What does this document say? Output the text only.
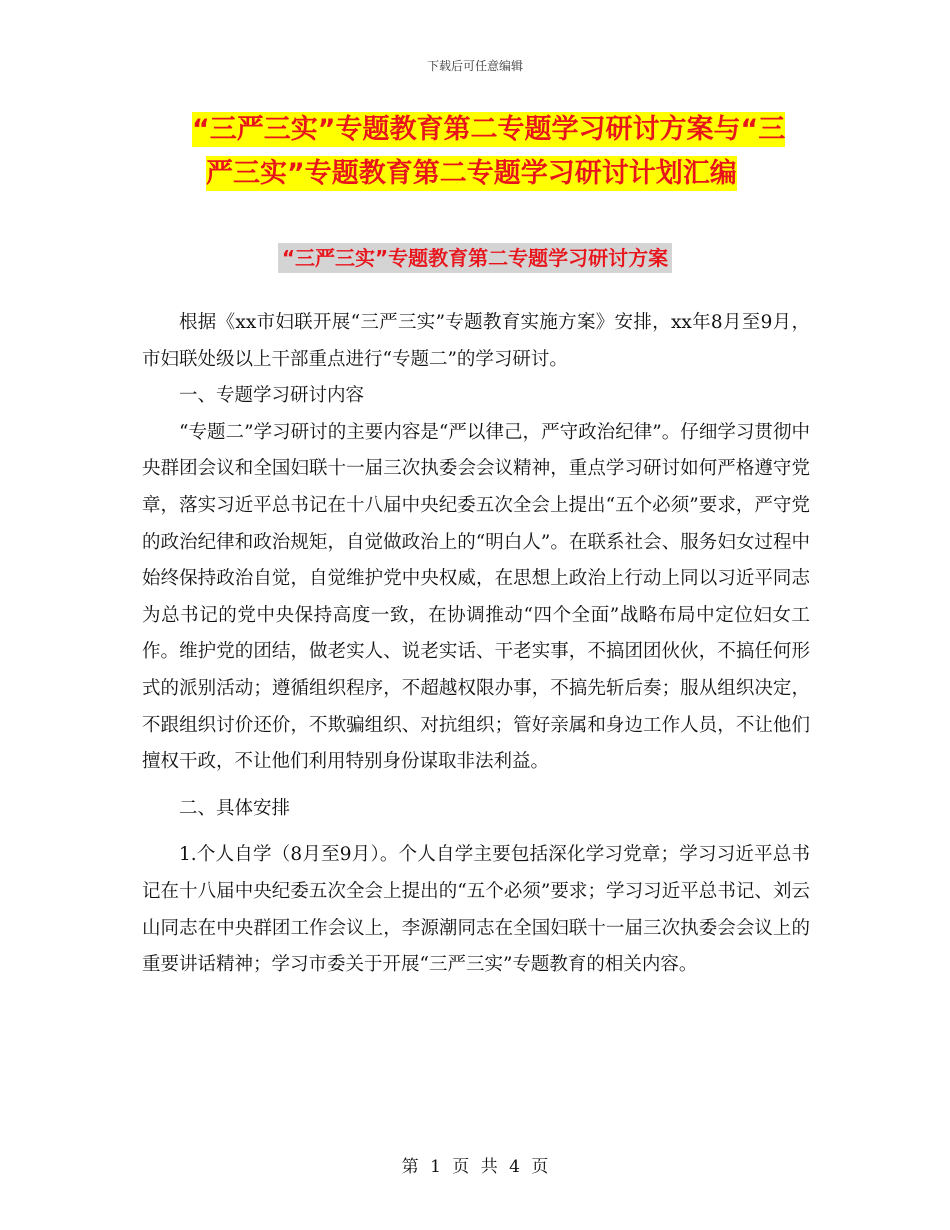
下载后可任意编辑
“三严三实”专题教育第二专题学习研讨方案与“三
严三实”专题教育第二专题学习研讨计划汇编
“三严三实”专题教育第二专题学习研讨方案

根据《xx市妇联开展“三严三实”专题教育实施方案》安排，xx年8月至9月，市妇联处级以上干部重点进行“专题二”的学习研讨。

一、专题学习研讨内容

“专题二”学习研讨的主要内容是“严以律己，严守政治纪律”。仔细学习贯彻中央群团会议和全国妇联十一届三次执委会会议精神，重点学习研讨如何严格遵守党章，落实习近平总书记在十八届中央纪委五次全会上提出“五个必须”要求，严守党的政治纪律和政治规矩，自觉做政治上的“明白人”。在联系社会、服务妇女过程中始终保持政治自觉，自觉维护党中央权威，在思想上政治上行动上同以习近平同志为总书记的党中央保持高度一致，在协调推动“四个全面”战略布局中定位妇女工作。维护党的团结，做老实人、说老实话、干老实事，不搞团团伙伙，不搞任何形式的派别活动；遵循组织程序，不超越权限办事，不搞先斩后奏；服从组织决定，不跟组织讨价还价，不欺骗组织、对抗组织；管好亲属和身边工作人员，不让他们擅权干政，不让他们利用特别身份谋取非法利益。

二、具体安排

1.个人自学（8月至9月）。个人自学主要包括深化学习党章；学习习近平总书记在十八届中央纪委五次全会上提出的“五个必须”要求；学习习近平总书记、刘云山同志在中央群团工作会议上，李源潮同志在全国妇联十一届三次执委会会议上的重要讲话精神；学习市委关于开展“三严三实”专题教育的相关内容。

第 1 页 共 4 页
